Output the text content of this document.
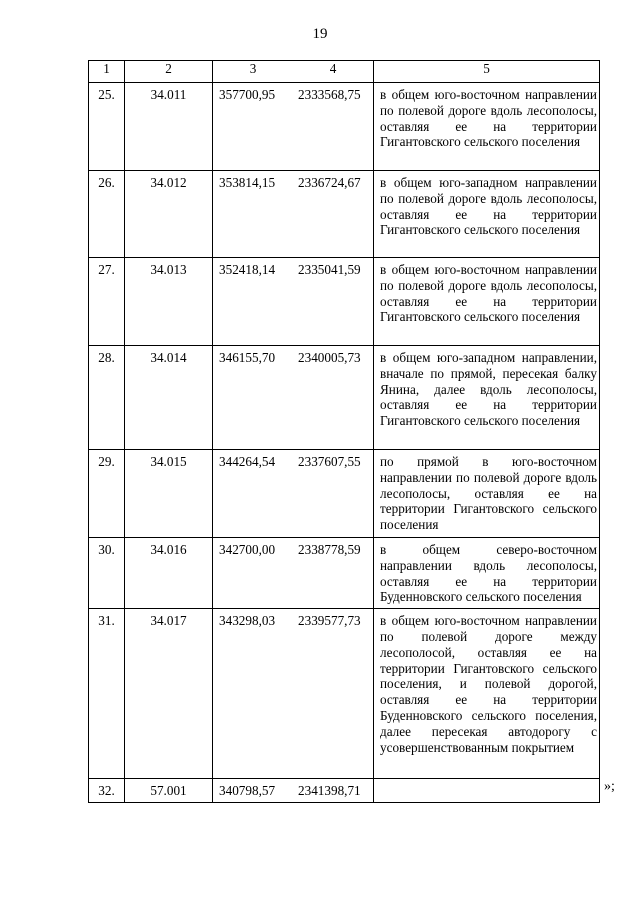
19
1	2	3 4	5

25.	34.011	357700,95 2333568,75	в общем юго-восточном направлении по полевой дороге вдоль лесополосы, оставляя ее на территории Гигантовского сельского поселения

26.	34.012	353814,15 2336724,67	в общем юго-западном направлении по полевой дороге вдоль лесополосы, оставляя ее на территории Гигантовского сельского поселения

27.	34.013	352418,14 2335041,59	в общем юго-восточном направлении по полевой дороге вдоль лесополосы, оставляя ее на территории Гигантовского сельского поселения

28.	34.014	346155,70 2340005,73	в общем юго-западном направлении, вначале по прямой, пересекая балку Янина, далее вдоль лесополосы, оставляя ее на территории Гигантовского сельского поселения

29.	34.015	344264,54 2337607,55	по прямой в юго-восточном направлении по полевой дороге вдоль лесополосы, оставляя ее на территории Гигантовского сельского поселения

30.	34.016	342700,00 2338778,59	в общем северо-восточном направлении вдоль лесополосы, оставляя ее на территории Буденновского сельского поселения

31.	34.017	343298,03 2339577,73	в общем юго-восточном направлении по полевой дороге между лесополосой, оставляя ее на территории Гигантовского сельского поселения, и полевой дорогой, оставляя ее на территории Буденновского сельского поселения, далее пересекая автодорогу с усовершенствованным покрытием

32.	57.001	340798,57 2341398,71	
		»;
